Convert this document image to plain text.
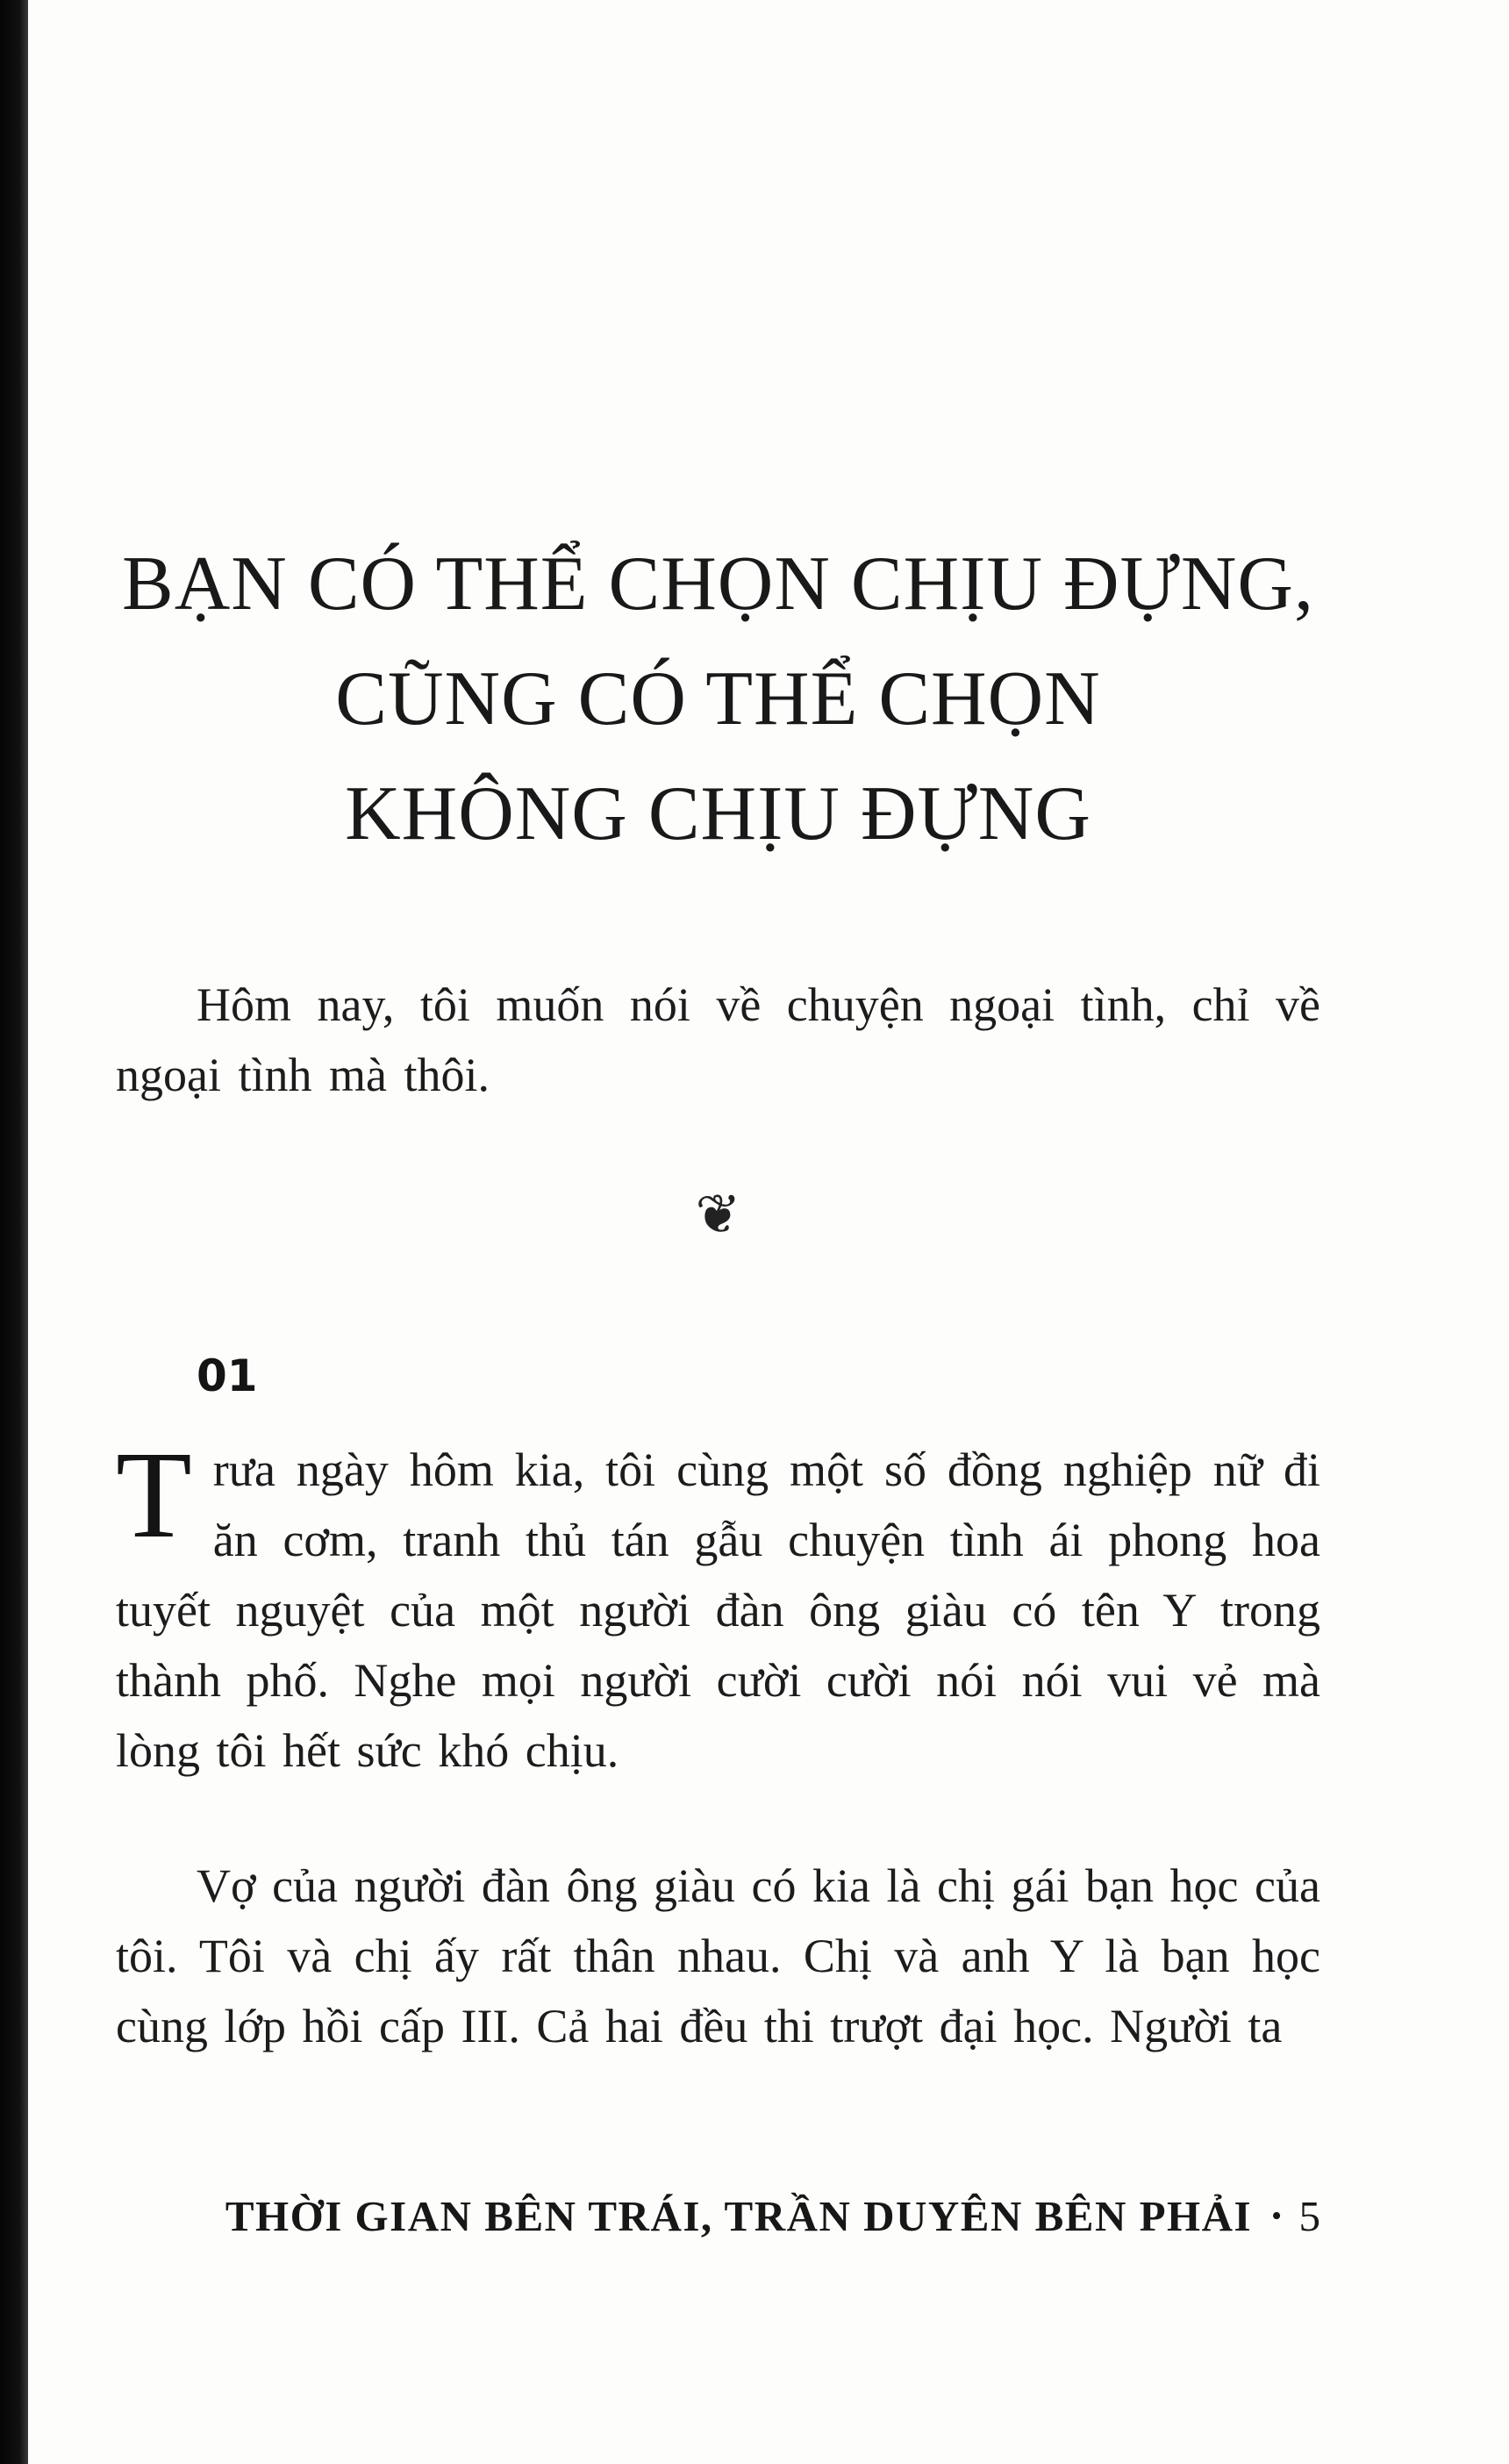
BẠN CÓ THỂ CHỌN CHỊU ĐỰNG,
CŨNG CÓ THỂ CHỌN
KHÔNG CHỊU ĐỰNG

Hôm nay, tôi muốn nói về chuyện ngoại tình, chỉ về ngoại tình mà thôi.

❦
01

Trưa ngày hôm kia, tôi cùng một số đồng nghiệp nữ đi ăn cơm, tranh thủ tán gẫu chuyện tình ái phong hoa tuyết nguyệt của một người đàn ông giàu có tên Y trong thành phố. Nghe mọi người cười cười nói nói vui vẻ mà lòng tôi hết sức khó chịu.

Vợ của người đàn ông giàu có kia là chị gái bạn học của tôi. Tôi và chị ấy rất thân nhau. Chị và anh Y là bạn học cùng lớp hồi cấp III. Cả hai đều thi trượt đại học. Người ta

THỜI GIAN BÊN TRÁI, TRẦN DUYÊN BÊN PHẢI • 5
